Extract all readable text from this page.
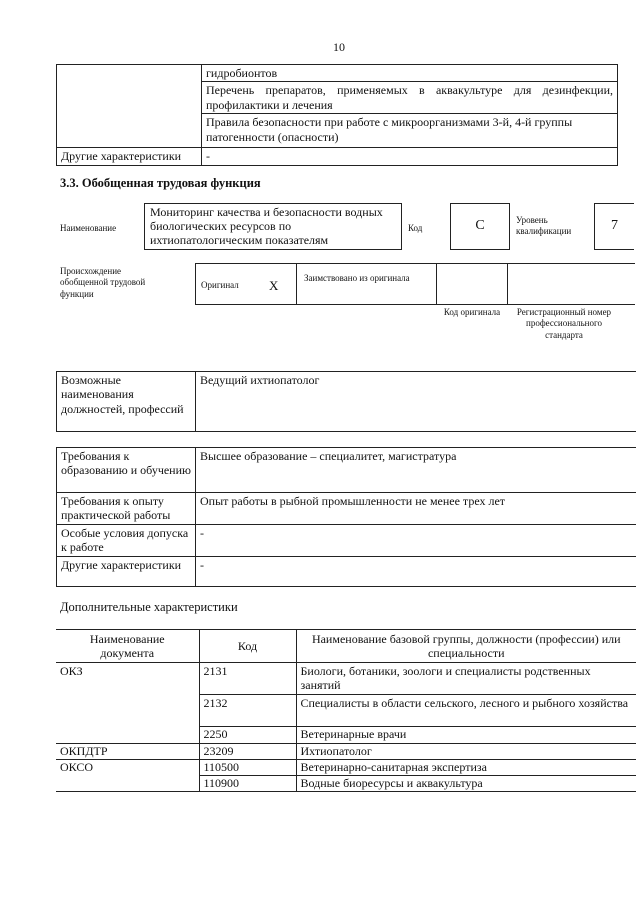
10
	гидробионтов
	Перечень препаратов, применяемых в аквакультуре для дезинфекции, профилактики и лечения
	Правила безопасности при работе с микроорганизмами 3-й, 4-й группы патогенности (опасности)
Другие характеристики	-
3.3. Обобщенная трудовая функция
Наименование
Мониторинг качества и безопасности водных биологических ресурсов по ихтиопатологическим показателям
Код	C	Уровень квалификации	7
Происхождение обобщенной трудовой функции
Оригинал X	Заимствовано из оригинала
Код оригинала	Регистрационный номер профессионального стандарта
Возможные наименования должностей, профессий	Ведущий ихтиопатолог
Требования к образованию и обучению	Высшее образование – специалитет, магистратура
Требования к опыту практической работы	Опыт работы в рыбной промышленности не менее трех лет
Особые условия допуска к работе	-
Другие характеристики	-
Дополнительные характеристики
Наименование документа	Код	Наименование базовой группы, должности (профессии) или специальности
ОКЗ	2131	Биологи, ботаники, зоологи и специалисты родственных занятий
	2132	Специалисты в области сельского, лесного и рыбного хозяйства
	2250	Ветеринарные врачи
ОКПДТР	23209	Ихтиопатолог
ОКСО	110500	Ветеринарно-санитарная экспертиза
	110900	Водные биоресурсы и аквакультура
